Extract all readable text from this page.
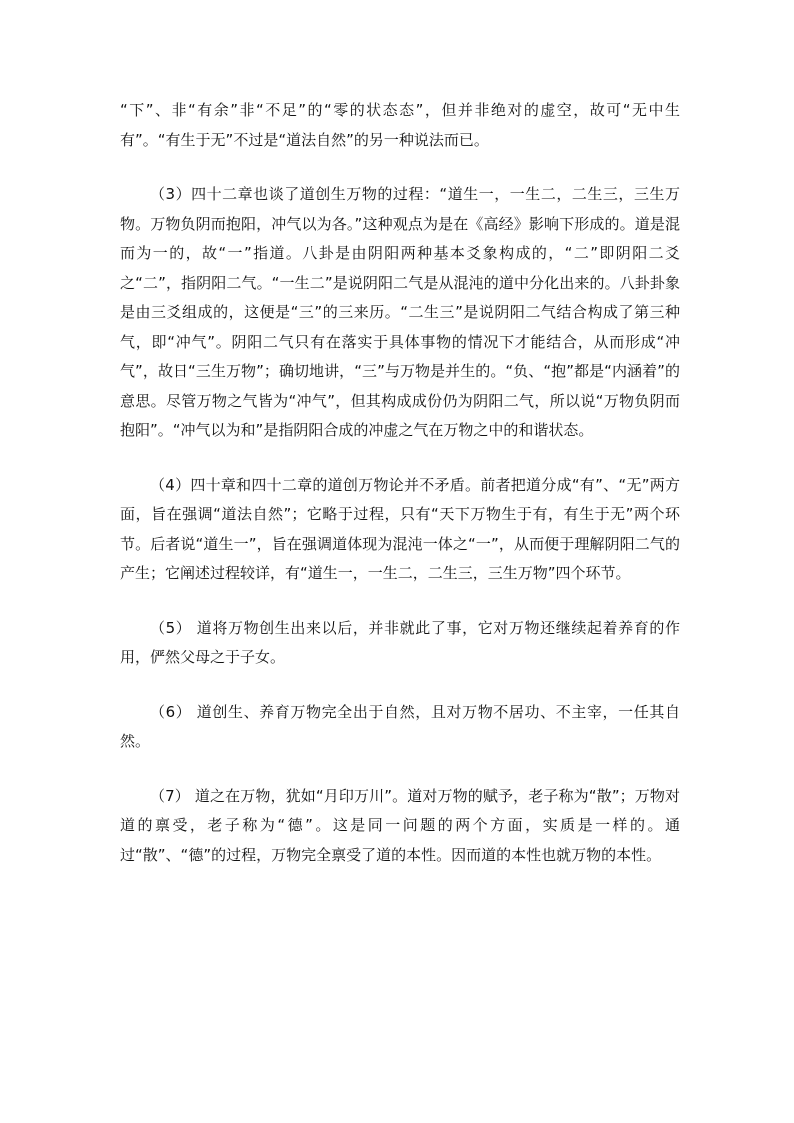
“下”、非“有余”非“不足”的“零的状态态”，但并非绝对的虚空，故可“无中生有”。“有生于无”不过是“道法自然”的另一种说法而已。

（3）四十二章也谈了道创生万物的过程：“道生一，一生二，二生三，三生万物。万物负阴而抱阳，冲气以为各。”这种观点为是在《高经》影响下形成的。道是混而为一的，故“一”指道。八卦是由阴阳两种基本爻象构成的，“二”即阴阳二爻之“二”，指阴阳二气。“一生二”是说阴阳二气是从混沌的道中分化出来的。八卦卦象是由三爻组成的，这便是“三”的三来历。“二生三”是说阴阳二气结合构成了第三种气，即“冲气”。阴阳二气只有在落实于具体事物的情况下才能结合，从而形成“冲气”，故日“三生万物”；确切地讲，“三”与万物是并生的。“负、“抱”都是“内涵着”的意思。尽管万物之气皆为“冲气”，但其构成成份仍为阴阳二气，所以说“万物负阴而抱阳”。“冲气以为和”是指阴阳合成的冲虚之气在万物之中的和谐状态。

（4）四十章和四十二章的道创万物论并不矛盾。前者把道分成“有”、“无”两方面，旨在强调“道法自然”；它略于过程，只有“天下万物生于有，有生于无”两个环节。后者说“道生一”，旨在强调道体现为混沌一体之“一”，从而便于理解阴阳二气的产生；它阐述过程较详，有“道生一，一生二，二生三，三生万物”四个环节。

（5） 道将万物创生出来以后，并非就此了事，它对万物还继续起着养育的作用，俨然父母之于子女。

（6） 道创生、养育万物完全出于自然，且对万物不居功、不主宰，一任其自然。

（7） 道之在万物，犹如“月印万川”。道对万物的赋予，老子称为“散”；万物对道的禀受，老子称为“德”。这是同一问题的两个方面，实质是一样的。通过“散”、“德”的过程，万物完全禀受了道的本性。因而道的本性也就万物的本性。
